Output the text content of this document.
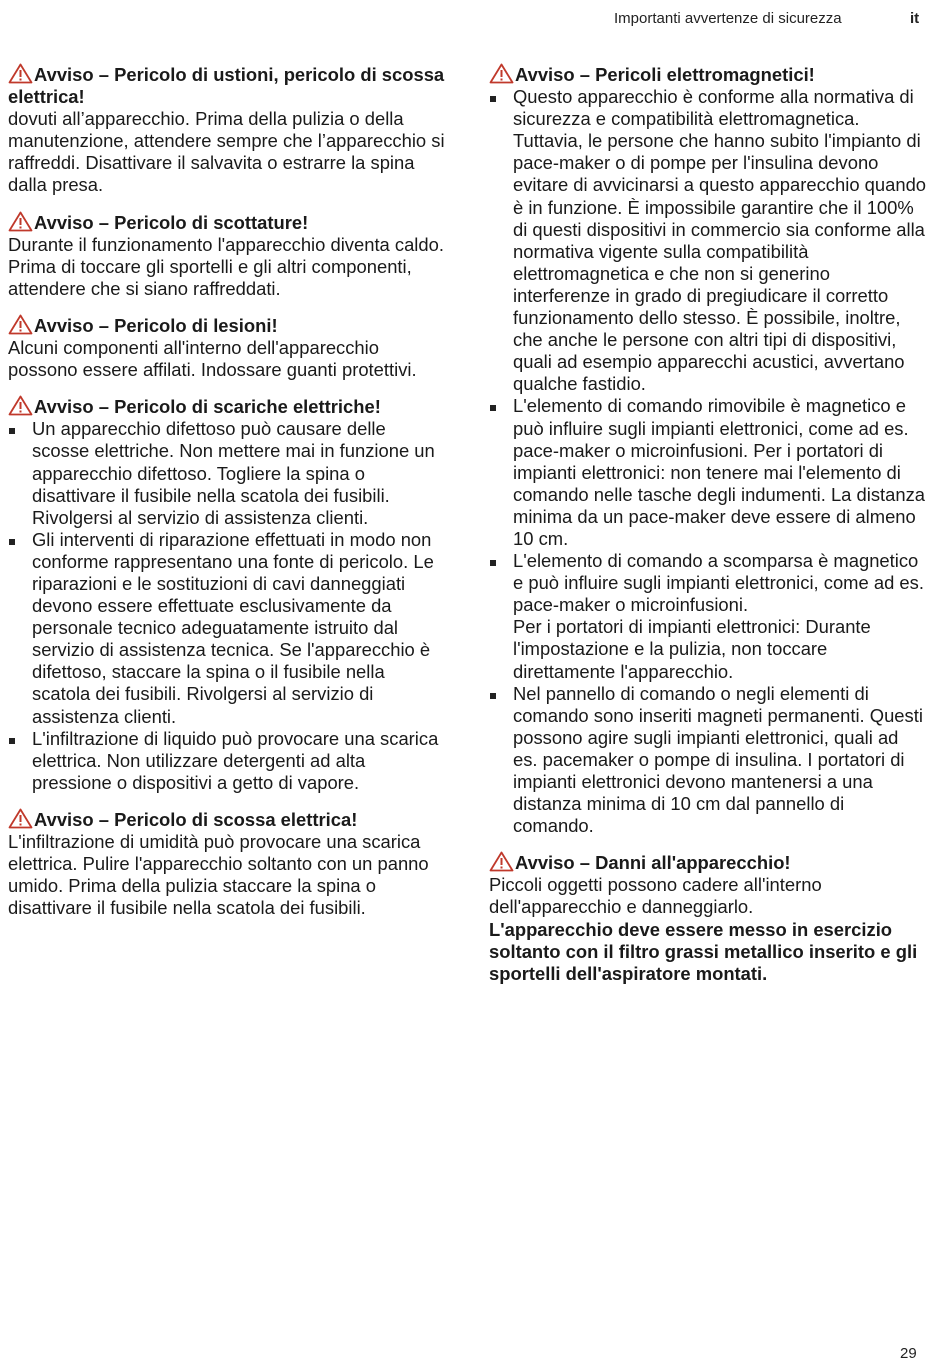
Importanti avvertenze di sicurezza	it
Avviso – Pericolo di ustioni, pericolo di scossa elettrica!

dovuti all’apparecchio. Prima della pulizia o della manutenzione, attendere sempre che l’apparecchio si raffreddi. Disattivare il salvavita o estrarre la spina dalla presa.

Avviso – Pericolo di scottature!

Durante il funzionamento l'apparecchio diventa caldo. Prima di toccare gli sportelli e gli altri componenti, attendere che si siano raffreddati.

Avviso – Pericolo di lesioni!

Alcuni componenti all'interno dell'apparecchio possono essere affilati. Indossare guanti protettivi.

Avviso – Pericolo di scariche elettriche!
Un apparecchio difettoso può causare delle scosse elettriche. Non mettere mai in funzione un apparecchio difettoso. Togliere la spina o disattivare il fusibile nella scatola dei fusibili. Rivolgersi al servizio di assistenza clienti.
Gli interventi di riparazione effettuati in modo non conforme rappresentano una fonte di pericolo. Le riparazioni e le sostituzioni di cavi danneggiati devono essere effettuate esclusivamente da personale tecnico adeguatamente istruito dal servizio di assistenza tecnica. Se l'apparecchio è difettoso, staccare la spina o il fusibile nella scatola dei fusibili. Rivolgersi al servizio di assistenza clienti.
L'infiltrazione di liquido può provocare una scarica elettrica. Non utilizzare detergenti ad alta pressione o dispositivi a getto di vapore.
Avviso – Pericolo di scossa elettrica!

L'infiltrazione di umidità può provocare una scarica elettrica. Pulire l'apparecchio soltanto con un panno umido. Prima della pulizia staccare la spina o disattivare il fusibile nella scatola dei fusibili.

Avviso – Pericoli elettromagnetici!
Questo apparecchio è conforme alla normativa di sicurezza e compatibilità elettromagnetica. Tuttavia, le persone che hanno subito l'impianto di pace-maker o di pompe per l'insulina devono evitare di avvicinarsi a questo apparecchio quando è in funzione. È impossibile garantire che il 100% di questi dispositivi in commercio sia conforme alla normativa vigente sulla compatibilità elettromagnetica e che non si generino interferenze in grado di pregiudicare il corretto funzionamento dello stesso. È possibile, inoltre, che anche le persone con altri tipi di dispositivi, quali ad esempio apparecchi acustici, avvertano qualche fastidio.
L'elemento di comando rimovibile è magnetico e può influire sugli impianti elettronici, come ad es. pace-maker o microinfusioni. Per i portatori di impianti elettronici: non tenere mai l'elemento di comando nelle tasche degli indumenti. La distanza minima da un pace-maker deve essere di almeno 10 cm.
L'elemento di comando a scomparsa è magnetico e può influire sugli impianti elettronici, come ad es. pace-maker o microinfusioni.

Per i portatori di impianti elettronici: Durante l'impostazione e la pulizia, non toccare direttamente l'apparecchio.

Nel pannello di comando o negli elementi di comando sono inseriti magneti permanenti. Questi possono agire sugli impianti elettronici, quali ad es. pacemaker o pompe di insulina. I portatori di impianti elettronici devono mantenersi a una distanza minima di 10 cm dal pannello di comando.
Avviso – Danni all'apparecchio!

Piccoli oggetti possono cadere all'interno dell'apparecchio e danneggiarlo.

L'apparecchio deve essere messo in esercizio soltanto con il filtro grassi metallico inserito e gli sportelli dell'aspiratore montati.

29
